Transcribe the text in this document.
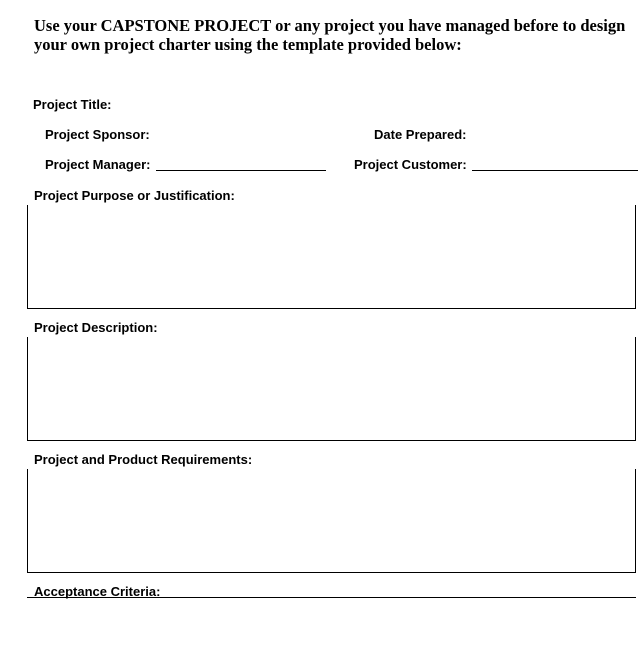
Use your CAPSTONE PROJECT or any project you have managed before to design your own project charter using the template provided below:
Project Title:
Project Sponsor:	Date Prepared:
Project Manager:	Project Customer:
Project Purpose or Justification:
Project Description:
Project and Product Requirements:
Acceptance Criteria:
